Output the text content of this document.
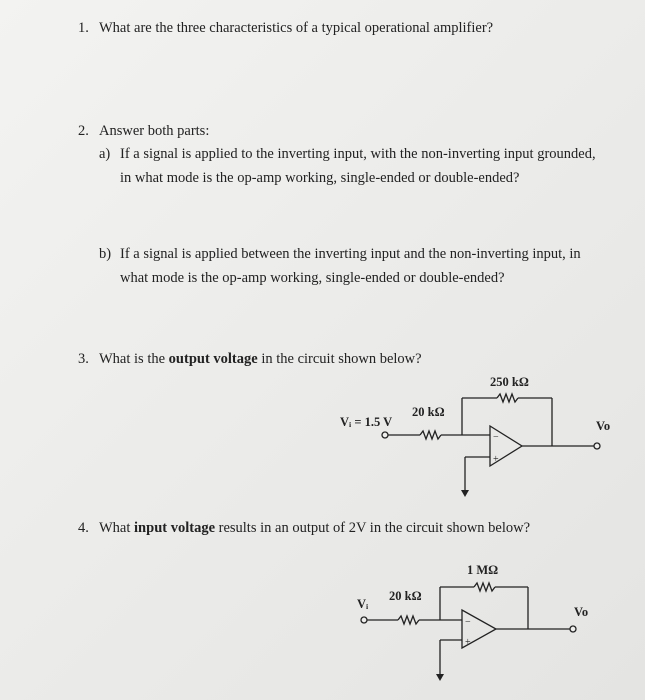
1. What are the three characteristics of a typical operational amplifier?
2. Answer both parts:
a) If a signal is applied to the inverting input, with the non-inverting input grounded,
in what mode is the op-amp working, single-ended or double-ended?
b) If a signal is applied between the inverting input and the non-inverting input, in
what mode is the op-amp working, single-ended or double-ended?
3. What is the output voltage in the circuit shown below?
4. What input voltage results in an output of 2V in the circuit shown below?
250 kΩ
20 kΩ
Vᵢ = 1.5 V	Vo
−
+
1 MΩ
20 kΩ
Vᵢ
Vo
−
+
